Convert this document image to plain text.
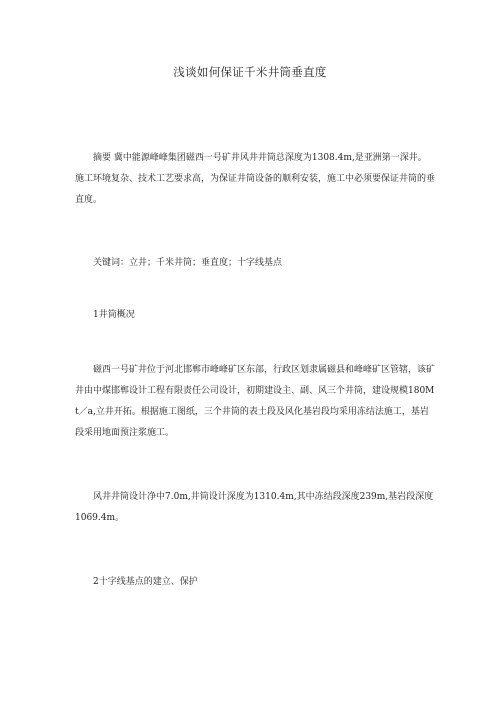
浅谈如何保证千米井筒垂直度

摘要 冀中能源峰峰集团磁西一号矿井风井井筒总深度为1308.4m,是亚洲第一深井。施工环境复杂、技术工艺要求高，为保证井筒设备的顺利安装，施工中必须要保证井筒的垂直度。

关键词：立井；千米井筒；垂直度；十字线基点

1井筒概况

磁西一号矿井位于河北邯郸市峰峰矿区东部，行政区划隶属磁县和峰峰矿区管辖，该矿井由中煤邯郸设计工程有限责任公司设计，初期建设主、副、风三个井筒，建设规模180Mt／a,立井开拓。根据施工图纸，三个井筒的表土段及风化基岩段均采用冻结法施工，基岩段采用地面预注浆施工。

风井井筒设计净中7.0m,井筒设计深度为1310.4m,其中冻结段深度239m,基岩段深度1069.4m。

2十字线基点的建立、保护
